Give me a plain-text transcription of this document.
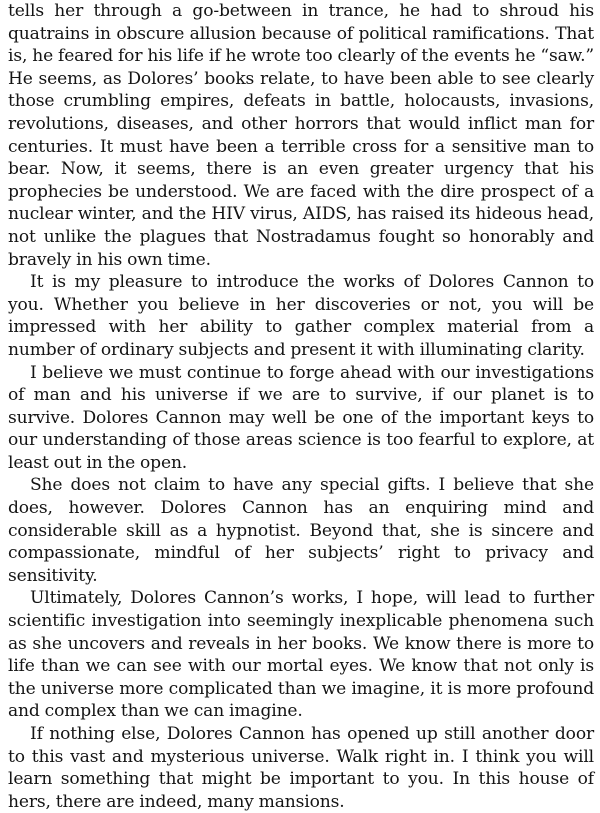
tells her through a go-between in trance, he had to shroud his quatrains in obscure allusion because of political ramifications. That is, he feared for his life if he wrote too clearly of the events he “saw.” He seems, as Dolores’ books relate, to have been able to see clearly those crumbling empires, defeats in battle, holocausts, invasions, revolutions, diseases, and other horrors that would inflict man for centuries. It must have been a terrible cross for a sensitive man to bear. Now, it seems, there is an even greater urgency that his prophecies be understood. We are faced with the dire prospect of a nuclear winter, and the HIV virus, AIDS, has raised its hideous head, not unlike the plagues that Nostradamus fought so honorably and bravely in his own time.

It is my pleasure to introduce the works of Dolores Cannon to you. Whether you believe in her discoveries or not, you will be impressed with her ability to gather complex material from a number of ordinary subjects and present it with illuminating clarity.

I believe we must continue to forge ahead with our investigations of man and his universe if we are to survive, if our planet is to survive. Dolores Cannon may well be one of the important keys to our understanding of those areas science is too fearful to explore, at least out in the open.

She does not claim to have any special gifts. I believe that she does, however. Dolores Cannon has an enquiring mind and considerable skill as a hypnotist. Beyond that, she is sincere and compassionate, mindful of her subjects’ right to privacy and sensitivity.

Ultimately, Dolores Cannon’s works, I hope, will lead to further scientific investigation into seemingly inexplicable phenomena such as she uncovers and reveals in her books. We know there is more to life than we can see with our mortal eyes. We know that not only is the universe more complicated than we imagine, it is more profound and complex than we can imagine.

If nothing else, Dolores Cannon has opened up still another door to this vast and mysterious universe. Walk right in. I think you will learn something that might be important to you. In this house of hers, there are indeed, many mansions.
